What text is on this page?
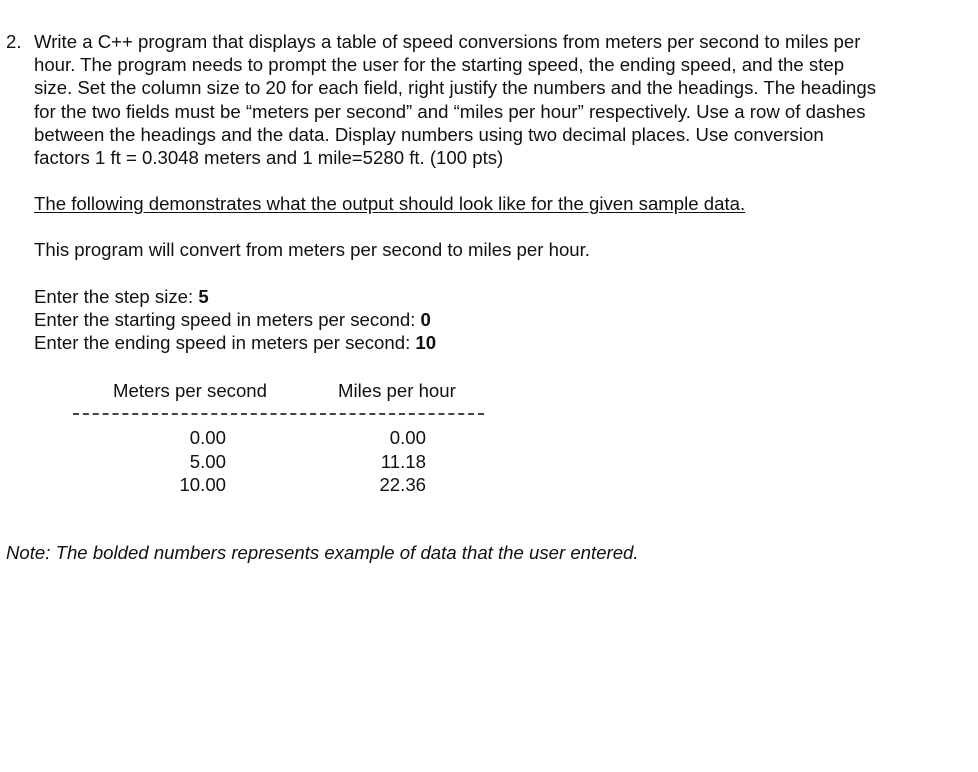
2. Write a C++ program that displays a table of speed conversions from meters per second to miles per
hour. The program needs to prompt the user for the starting speed, the ending speed, and the step
size. Set the column size to 20 for each field, right justify the numbers and the headings. The headings
for the two fields must be “meters per second” and “miles per hour” respectively. Use a row of dashes
between the headings and the data. Display numbers using two decimal places. Use conversion
factors 1 ft = 0.3048 meters and 1 mile=5280 ft. (100 pts)
The following demonstrates what the output should look like for the given sample data.
This program will convert from meters per second to miles per hour.
Enter the step size: 5
Enter the starting speed in meters per second: 0
Enter the ending speed in meters per second: 10
Meters per second	Miles per hour
0.00	0.00
5.00	11.18
10.00	22.36
Note: The bolded numbers represents example of data that the user entered.
